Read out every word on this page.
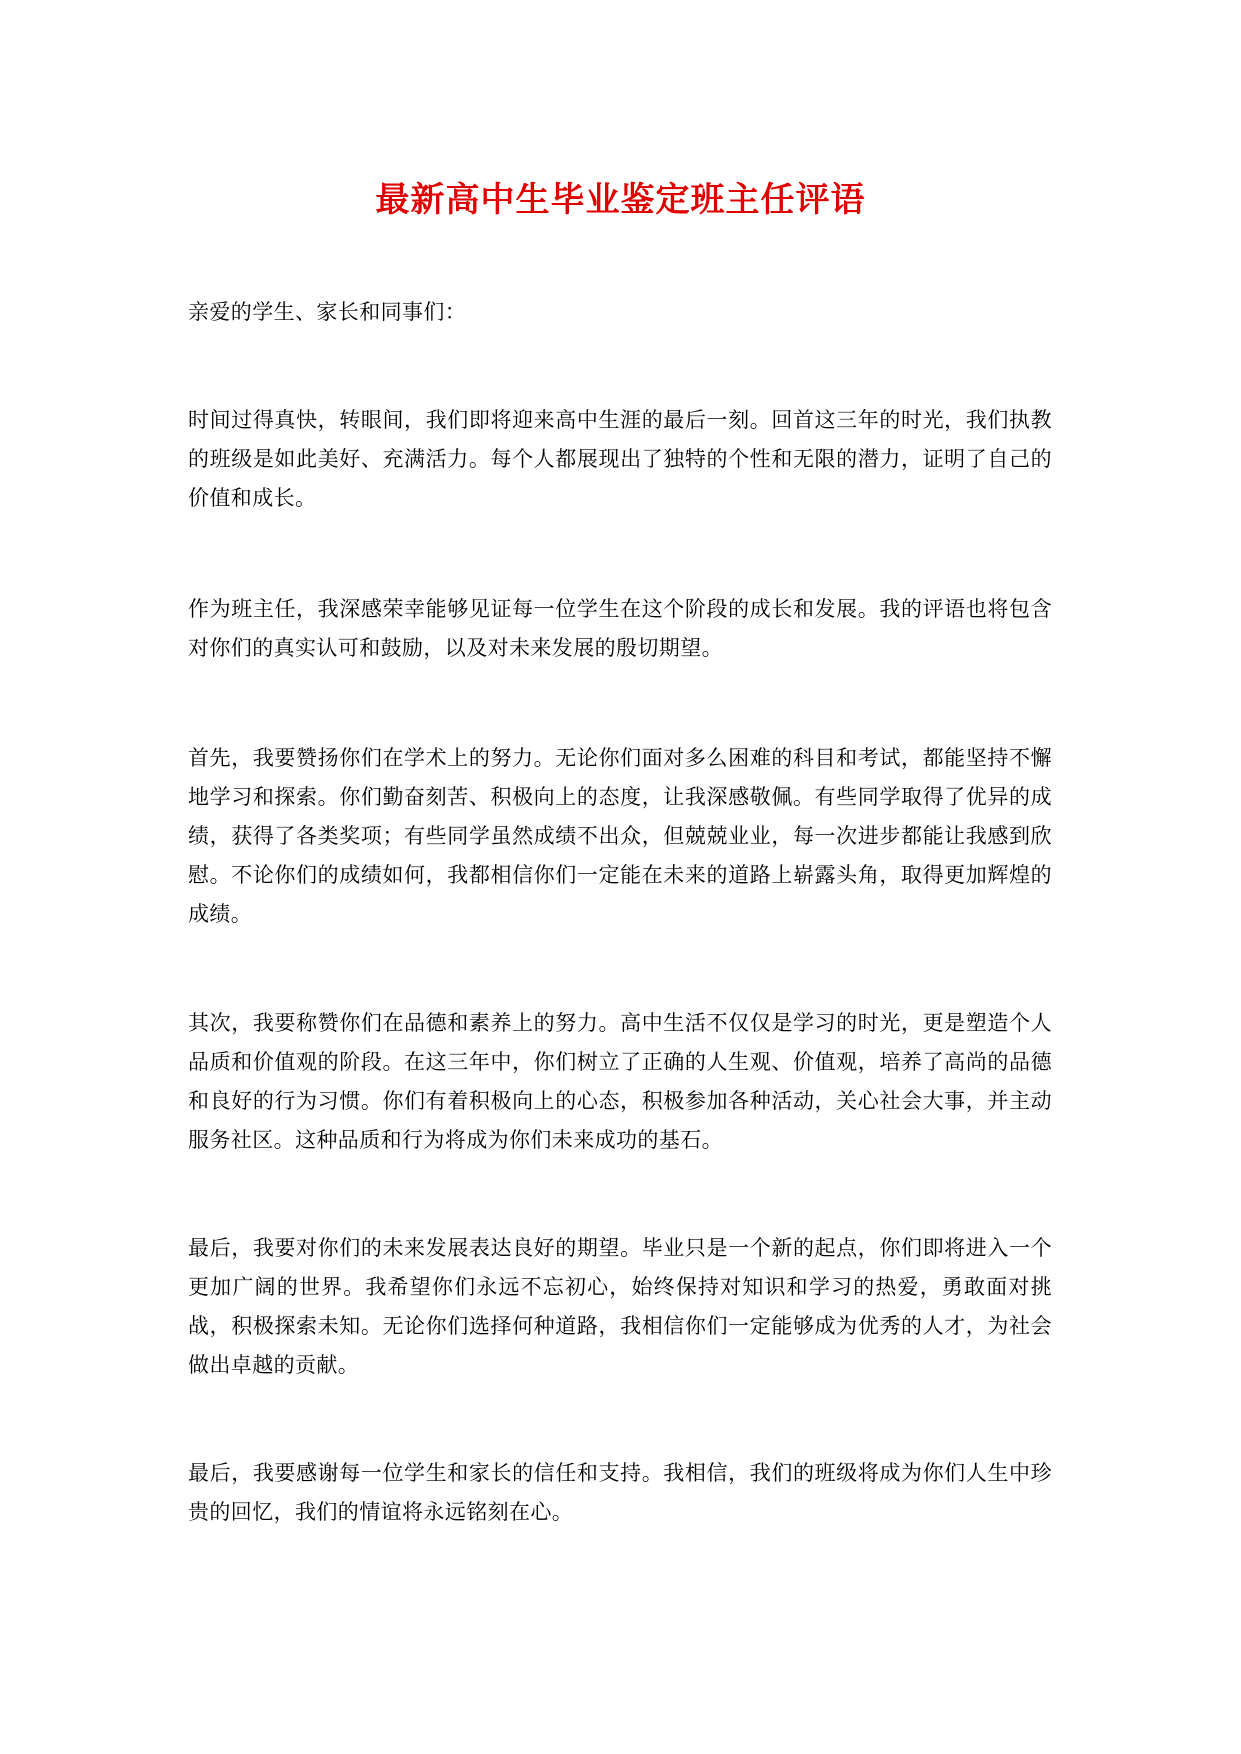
最新高中生毕业鉴定班主任评语

亲爱的学生、家长和同事们：

时间过得真快，转眼间，我们即将迎来高中生涯的最后一刻。回首这三年的时光，我们执教的班级是如此美好、充满活力。每个人都展现出了独特的个性和无限的潜力，证明了自己的价值和成长。

作为班主任，我深感荣幸能够见证每一位学生在这个阶段的成长和发展。我的评语也将包含对你们的真实认可和鼓励，以及对未来发展的殷切期望。

首先，我要赞扬你们在学术上的努力。无论你们面对多么困难的科目和考试，都能坚持不懈地学习和探索。你们勤奋刻苦、积极向上的态度，让我深感敬佩。有些同学取得了优异的成绩，获得了各类奖项；有些同学虽然成绩不出众，但兢兢业业，每一次进步都能让我感到欣慰。不论你们的成绩如何，我都相信你们一定能在未来的道路上崭露头角，取得更加辉煌的成绩。

其次，我要称赞你们在品德和素养上的努力。高中生活不仅仅是学习的时光，更是塑造个人品质和价值观的阶段。在这三年中，你们树立了正确的人生观、价值观，培养了高尚的品德和良好的行为习惯。你们有着积极向上的心态，积极参加各种活动，关心社会大事，并主动服务社区。这种品质和行为将成为你们未来成功的基石。

最后，我要对你们的未来发展表达良好的期望。毕业只是一个新的起点，你们即将进入一个更加广阔的世界。我希望你们永远不忘初心，始终保持对知识和学习的热爱，勇敢面对挑战，积极探索未知。无论你们选择何种道路，我相信你们一定能够成为优秀的人才，为社会做出卓越的贡献。

最后，我要感谢每一位学生和家长的信任和支持。我相信，我们的班级将成为你们人生中珍贵的回忆，我们的情谊将永远铭刻在心。
